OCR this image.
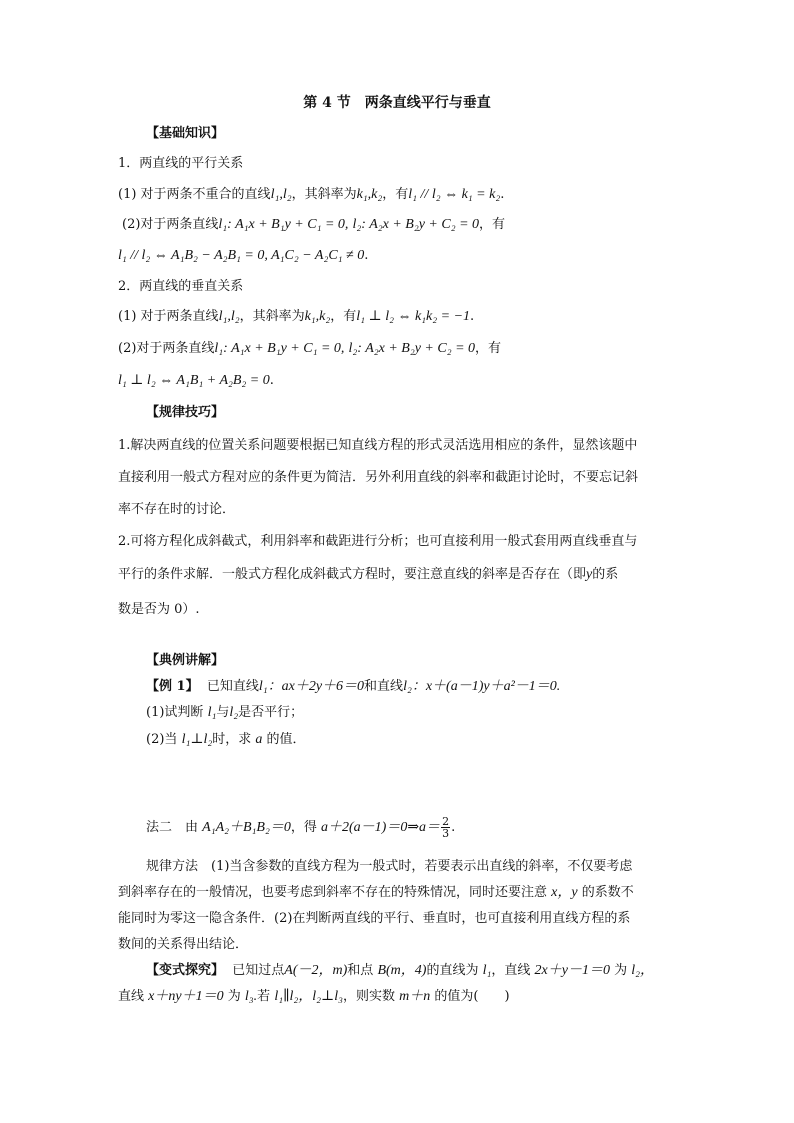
第 4 节　两条直线平行与垂直
【基础知识】
1．两直线的平行关系
(1) 对于两条不重合的直线l₁,l₂，其斜率为k₁,k₂，有l₁ // l₂ ⇔ k₁ = k₂.
(2)对于两条直线l₁: A₁x + B₁y + C₁ = 0, l₂: A₂x + B₂y + C₂ = 0，有
l₁ // l₂ ⇔ A₁B₂ − A₂B₁ = 0, A₁C₂ − A₂C₁ ≠ 0.
2．两直线的垂直关系
(1) 对于两条直线l₁,l₂，其斜率为k₁,k₂，有l₁ ⊥ l₂ ⇔ k₁k₂ = −1.
(2)对于两条直线l₁: A₁x + B₁y + C₁ = 0, l₂: A₂x + B₂y + C₂ = 0，有
l₁ ⊥ l₂ ⇔ A₁B₁ + A₂B₂ = 0.
【规律技巧】
1.解决两直线的位置关系问题要根据已知直线方程的形式灵活选用相应的条件，显然该题中
直接利用一般式方程对应的条件更为简洁．另外利用直线的斜率和截距讨论时，不要忘记斜
率不存在时的讨论．
2.可将方程化成斜截式，利用斜率和截距进行分析；也可直接利用一般式套用两直线垂直与
平行的条件求解．一般式方程化成斜截式方程时，要注意直线的斜率是否存在（即y的系
数是否为 0）.
【典例讲解】
【例 1】 已知直线l₁：ax＋2y＋6＝0和直线l₂：x＋(a－1)y＋a²－1＝0.
(1)试判断 l₁与l₂是否平行；
(2)当 l₁⊥l₂时，求 a 的值．
法二　由 A₁A₂＋B₁B₂＝0，得 a＋2(a－1)＝0⇒a＝ $\frac{2}{3}$ .
规律方法　(1)当含参数的直线方程为一般式时，若要表示出直线的斜率，不仅要考虑
到斜率存在的一般情况，也要考虑到斜率不存在的特殊情况，同时还要注意 x，y 的系数不
能同时为零这一隐含条件．(2)在判断两直线的平行、垂直时，也可直接利用直线方程的系
数间的关系得出结论．
【变式探究】 已知过点A(－2，m)和点 B(m，4)的直线为 l₁，直线 2x＋y－1＝0 为 l₂，
直线 x＋ny＋1＝0 为 l₃.若 l₁∥l₂，l₂⊥l₃，则实数 m＋n 的值为(　　)
